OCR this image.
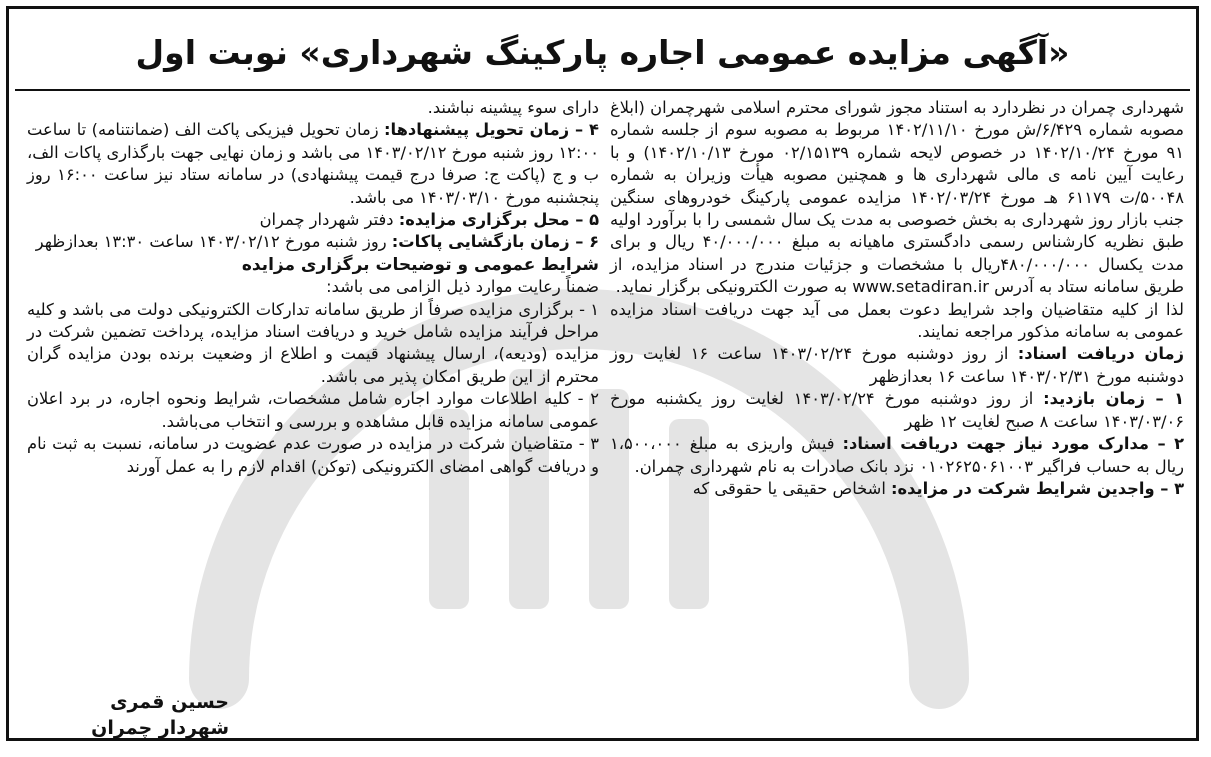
«آگهی مزایده عمومی اجاره پارکینگ شهرداری» نوبت اول

شهرداری چمران در نظردارد به استناد مجوز شورای محترم اسلامی شهرچمران (ابلاغ مصوبه شماره ۶/۴۲۹/ش مورخ ۱۴۰۲/۱۱/۱۰ مربوط به مصوبه سوم از جلسه شماره ۹۱ مورخ ۱۴۰۲/۱۰/۲۴ در خصوص لایحه شماره ۰۲/۱۵۱۳۹ مورخ ۱۴۰۲/۱۰/۱۳) و با رعایت آیین نامه ی مالی شهرداری ها و همچنین مصوبه هیأت وزیران به شماره ۵۰۰۴۸/ت ۶۱۱۷۹ هـ مورخ ۱۴۰۲/۰۳/۲۴ مزایده عمومی پارکینگ خودروهای سنگین جنب بازار روز شهرداری به بخش خصوصی به مدت یک سال شمسی را با برآورد اولیه طبق نظریه کارشناس رسمی دادگستری ماهیانه به مبلغ ۴۰/۰۰۰/۰۰۰ ریال و برای مدت یکسال ۴۸۰/۰۰۰/۰۰۰ریال با مشخصات و جزئیات مندرج در اسناد مزایده، از طریق سامانه ستاد به آدرس www.setadiran.ir به صورت الکترونیکی برگزار نماید.

لذا از کلیه متقاضیان واجد شرایط دعوت بعمل می آید جهت دریافت اسناد مزایده عمومی به سامانه مذکور مراجعه نمایند.

زمان دریافت اسناد: از روز دوشنبه مورخ ۱۴۰۳/۰۲/۲۴ ساعت ۱۶ لغایت روز دوشنبه مورخ ۱۴۰۳/۰۲/۳۱ ساعت ۱۶ بعدازظهر

۱ – زمان بازدید: از روز دوشنبه مورخ ۱۴۰۳/۰۲/۲۴ لغایت روز یکشنبه مورخ ۱۴۰۳/۰۳/۰۶ ساعت ۸ صبح لغایت ۱۲ ظهر

۲ – مدارک مورد نیاز جهت دریافت اسناد: فیش واریزی به مبلغ ۱،۵۰۰،۰۰۰ ریال به حساب فراگیر ۰۱۰۲۶۲۵۰۶۱۰۰۳ نزد بانک صادرات به نام شهرداری چمران.

۳ – واجدین شرایط شرکت در مزایده: اشخاص حقیقی یا حقوقی که

دارای سوء پیشینه نباشند.

۴ – زمان تحویل پیشنهادها: زمان تحویل فیزیکی پاکت الف (ضمانتنامه) تا ساعت ۱۲:۰۰ روز شنبه مورخ ۱۴۰۳/۰۲/۱۲ می باشد و زمان نهایی جهت بارگذاری پاکات الف، ب و ج (پاکت ج: صرفا درج قیمت پیشنهادی) در سامانه ستاد نیز ساعت ۱۶:۰۰ روز پنجشنبه مورخ ۱۴۰۳/۰۳/۱۰ می باشد.

۵ – محل برگزاری مزایده: دفتر شهردار چمران

۶ – زمان بازگشایی پاکات: روز شنبه مورخ ۱۴۰۳/۰۲/۱۲ ساعت ۱۳:۳۰ بعدازظهر

شرایط عمومی و توضیحات برگزاری مزایده

ضمناً رعایت موارد ذیل الزامی می باشد:

۱ - برگزاری مزایده صرفاً از طریق سامانه تدارکات الکترونیکی دولت می باشد و کلیه مراحل فرآیند مزایده شامل خرید و دریافت اسناد مزایده، پرداخت تضمین شرکت در مزایده (ودیعه)، ارسال پیشنهاد قیمت و اطلاع از وضعیت برنده بودن مزایده گران محترم از این طریق امکان پذیر می باشد.

۲ - کلیه اطلاعات موارد اجاره شامل مشخصات، شرایط ونحوه اجاره، در برد اعلان عمومی سامانه مزایده قابل مشاهده و بررسی و انتخاب می‌باشد.

۳ - متقاضیان شرکت در مزایده در صورت عدم عضویت در سامانه، نسبت به ثبت نام و دریافت گواهی امضای الکترونیکی (توکن) اقدام لازم را به عمل آورند

حسین قمری
شهردار چمران
